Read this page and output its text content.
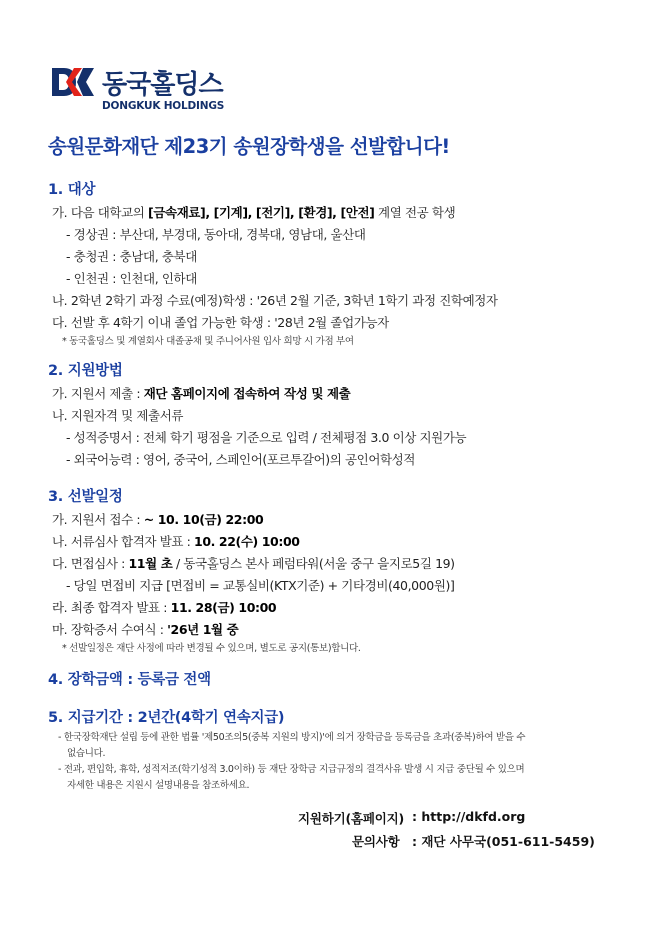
동국홀딩스
DONGKUK HOLDINGS
송원문화재단 제23기 송원장학생을 선발합니다!
1. 대상
가. 다음 대학교의 [금속재료], [기계], [전기], [환경], [안전] 계열 전공 학생
- 경상권 : 부산대, 부경대, 동아대, 경북대, 영남대, 울산대
- 충청권 : 충남대, 충북대
- 인천권 : 인천대, 인하대
나. 2학년 2학기 과정 수료(예정)학생 : '26년 2월 기준, 3학년 1학기 과정 진학예정자
다. 선발 후 4학기 이내 졸업 가능한 학생 : '28년 2월 졸업가능자
* 동국홀딩스 및 계열회사 대졸공채 및 주니어사원 입사 희망 시 가점 부여
2. 지원방법
가. 지원서 제출 : 재단 홈페이지에 접속하여 작성 및 제출
나. 지원자격 및 제출서류
- 성적증명서 : 전체 학기 평점을 기준으로 입력 / 전체평점 3.0 이상 지원가능
- 외국어능력 : 영어, 중국어, 스페인어(포르투갈어)의 공인어학성적
3. 선발일정
가. 지원서 접수 : ~ 10. 10(금) 22:00
나. 서류심사 합격자 발표 : 10. 22(수) 10:00
다. 면접심사 : 11월 초 / 동국홀딩스 본사 페럼타워(서울 중구 을지로5길 19)
- 당일 면접비 지급 [면접비 = 교통실비(KTX기준) + 기타경비(40,000원)]
라. 최종 합격자 발표 : 11. 28(금) 10:00
마. 장학증서 수여식 : '26년 1월 중
* 선발일정은 재단 사정에 따라 변경될 수 있으며, 별도로 공지(통보)합니다.
4. 장학금액 : 등록금 전액
5. 지급기간 : 2년간(4학기 연속지급)
- 한국장학재단 설립 등에 관한 법률 '제50조의5(중복 지원의 방지)'에 의거 장학금을 등록금을 초과(중복)하여 받을 수
없습니다.
- 전과, 편입학, 휴학, 성적저조(학기성적 3.0이하) 등 재단 장학금 지급규정의 결격사유 발생 시 지급 중단될 수 있으며
자세한 내용은 지원시 설명내용을 참조하세요.
지원하기(홈페이지) : http://dkfd.org
문의사항 : 재단 사무국(051-611-5459)
